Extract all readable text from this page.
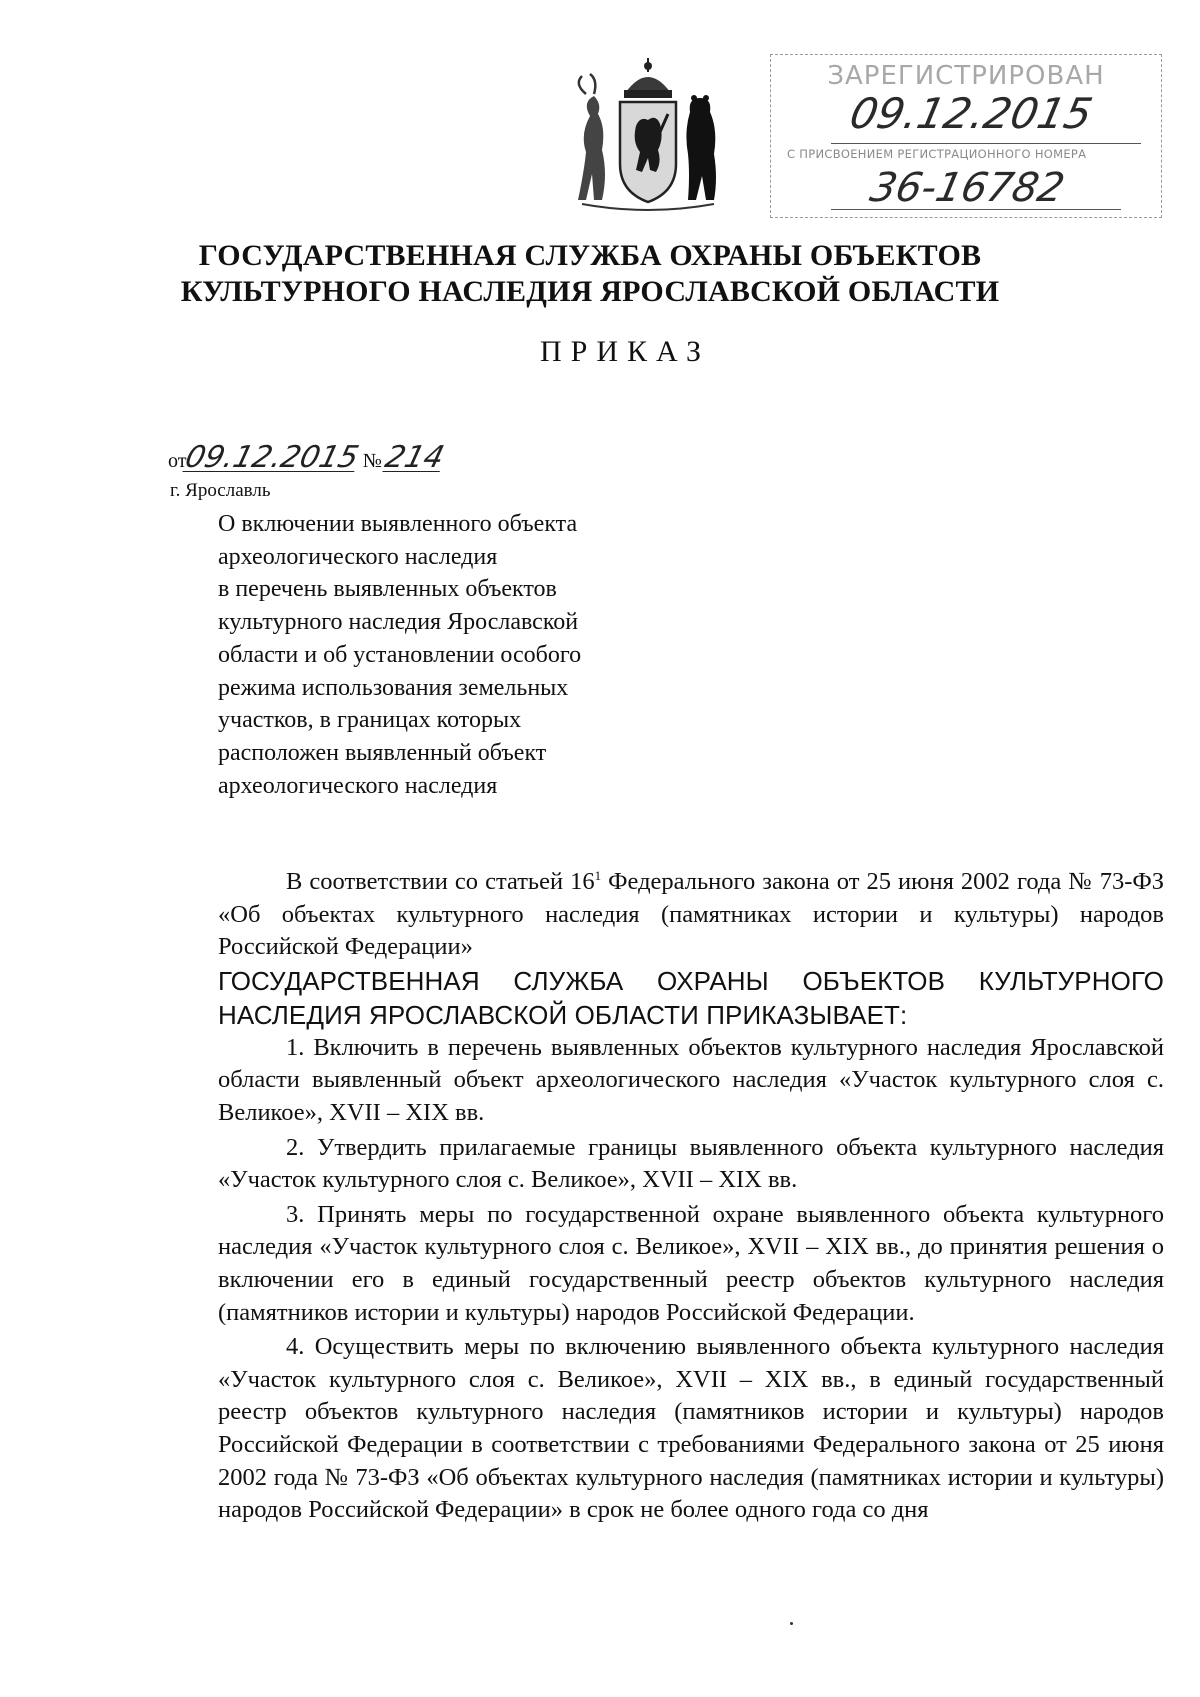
ЗАРЕГИСТРИРОВАН
09.12.2015
С ПРИСВОЕНИЕМ РЕГИСТРАЦИОННОГО НОМЕРА
36-16782
ГОСУДАРСТВЕННАЯ СЛУЖБА ОХРАНЫ ОБЪЕКТОВ
КУЛЬТУРНОГО НАСЛЕДИЯ ЯРОСЛАВСКОЙ ОБЛАСТИ
ПРИКАЗ
от09.12.2015 № 214
г. Ярославль
О включении выявленного объекта
археологического наследия
в перечень выявленных объектов
культурного наследия Ярославской
области и об установлении особого
режима использования земельных
участков, в границах которых
расположен выявленный объект
археологического наследия

В соответствии со статьей $16^1$ Федерального закона от 25 июня 2002 года № 73-ФЗ «Об объектах культурного наследия (памятниках истории и культуры) народов Российской Федерации»

ГОСУДАРСТВЕННАЯ СЛУЖБА ОХРАНЫ ОБЪЕКТОВ КУЛЬТУРНОГО НАСЛЕДИЯ ЯРОСЛАВСКОЙ ОБЛАСТИ ПРИКАЗЫВАЕТ:

1. Включить в перечень выявленных объектов культурного наследия Ярославской области выявленный объект археологического наследия «Участок культурного слоя с. Великое», XVII – XIX вв.

2. Утвердить прилагаемые границы выявленного объекта культурного наследия «Участок культурного слоя с. Великое», XVII – XIX вв.

3. Принять меры по государственной охране выявленного объекта культурного наследия «Участок культурного слоя с. Великое», XVII – XIX вв., до принятия решения о включении его в единый государственный реестр объектов культурного наследия (памятников истории и культуры) народов Российской Федерации.

4. Осуществить меры по включению выявленного объекта культурного наследия «Участок культурного слоя с. Великое», XVII – XIX вв., в единый государственный реестр объектов культурного наследия (памятников истории и культуры) народов Российской Федерации в соответствии с требованиями Федерального закона от 25 июня 2002 года № 73-ФЗ «Об объектах культурного наследия (памятниках истории и культуры) народов Российской Федерации» в срок не более одного года со дня
